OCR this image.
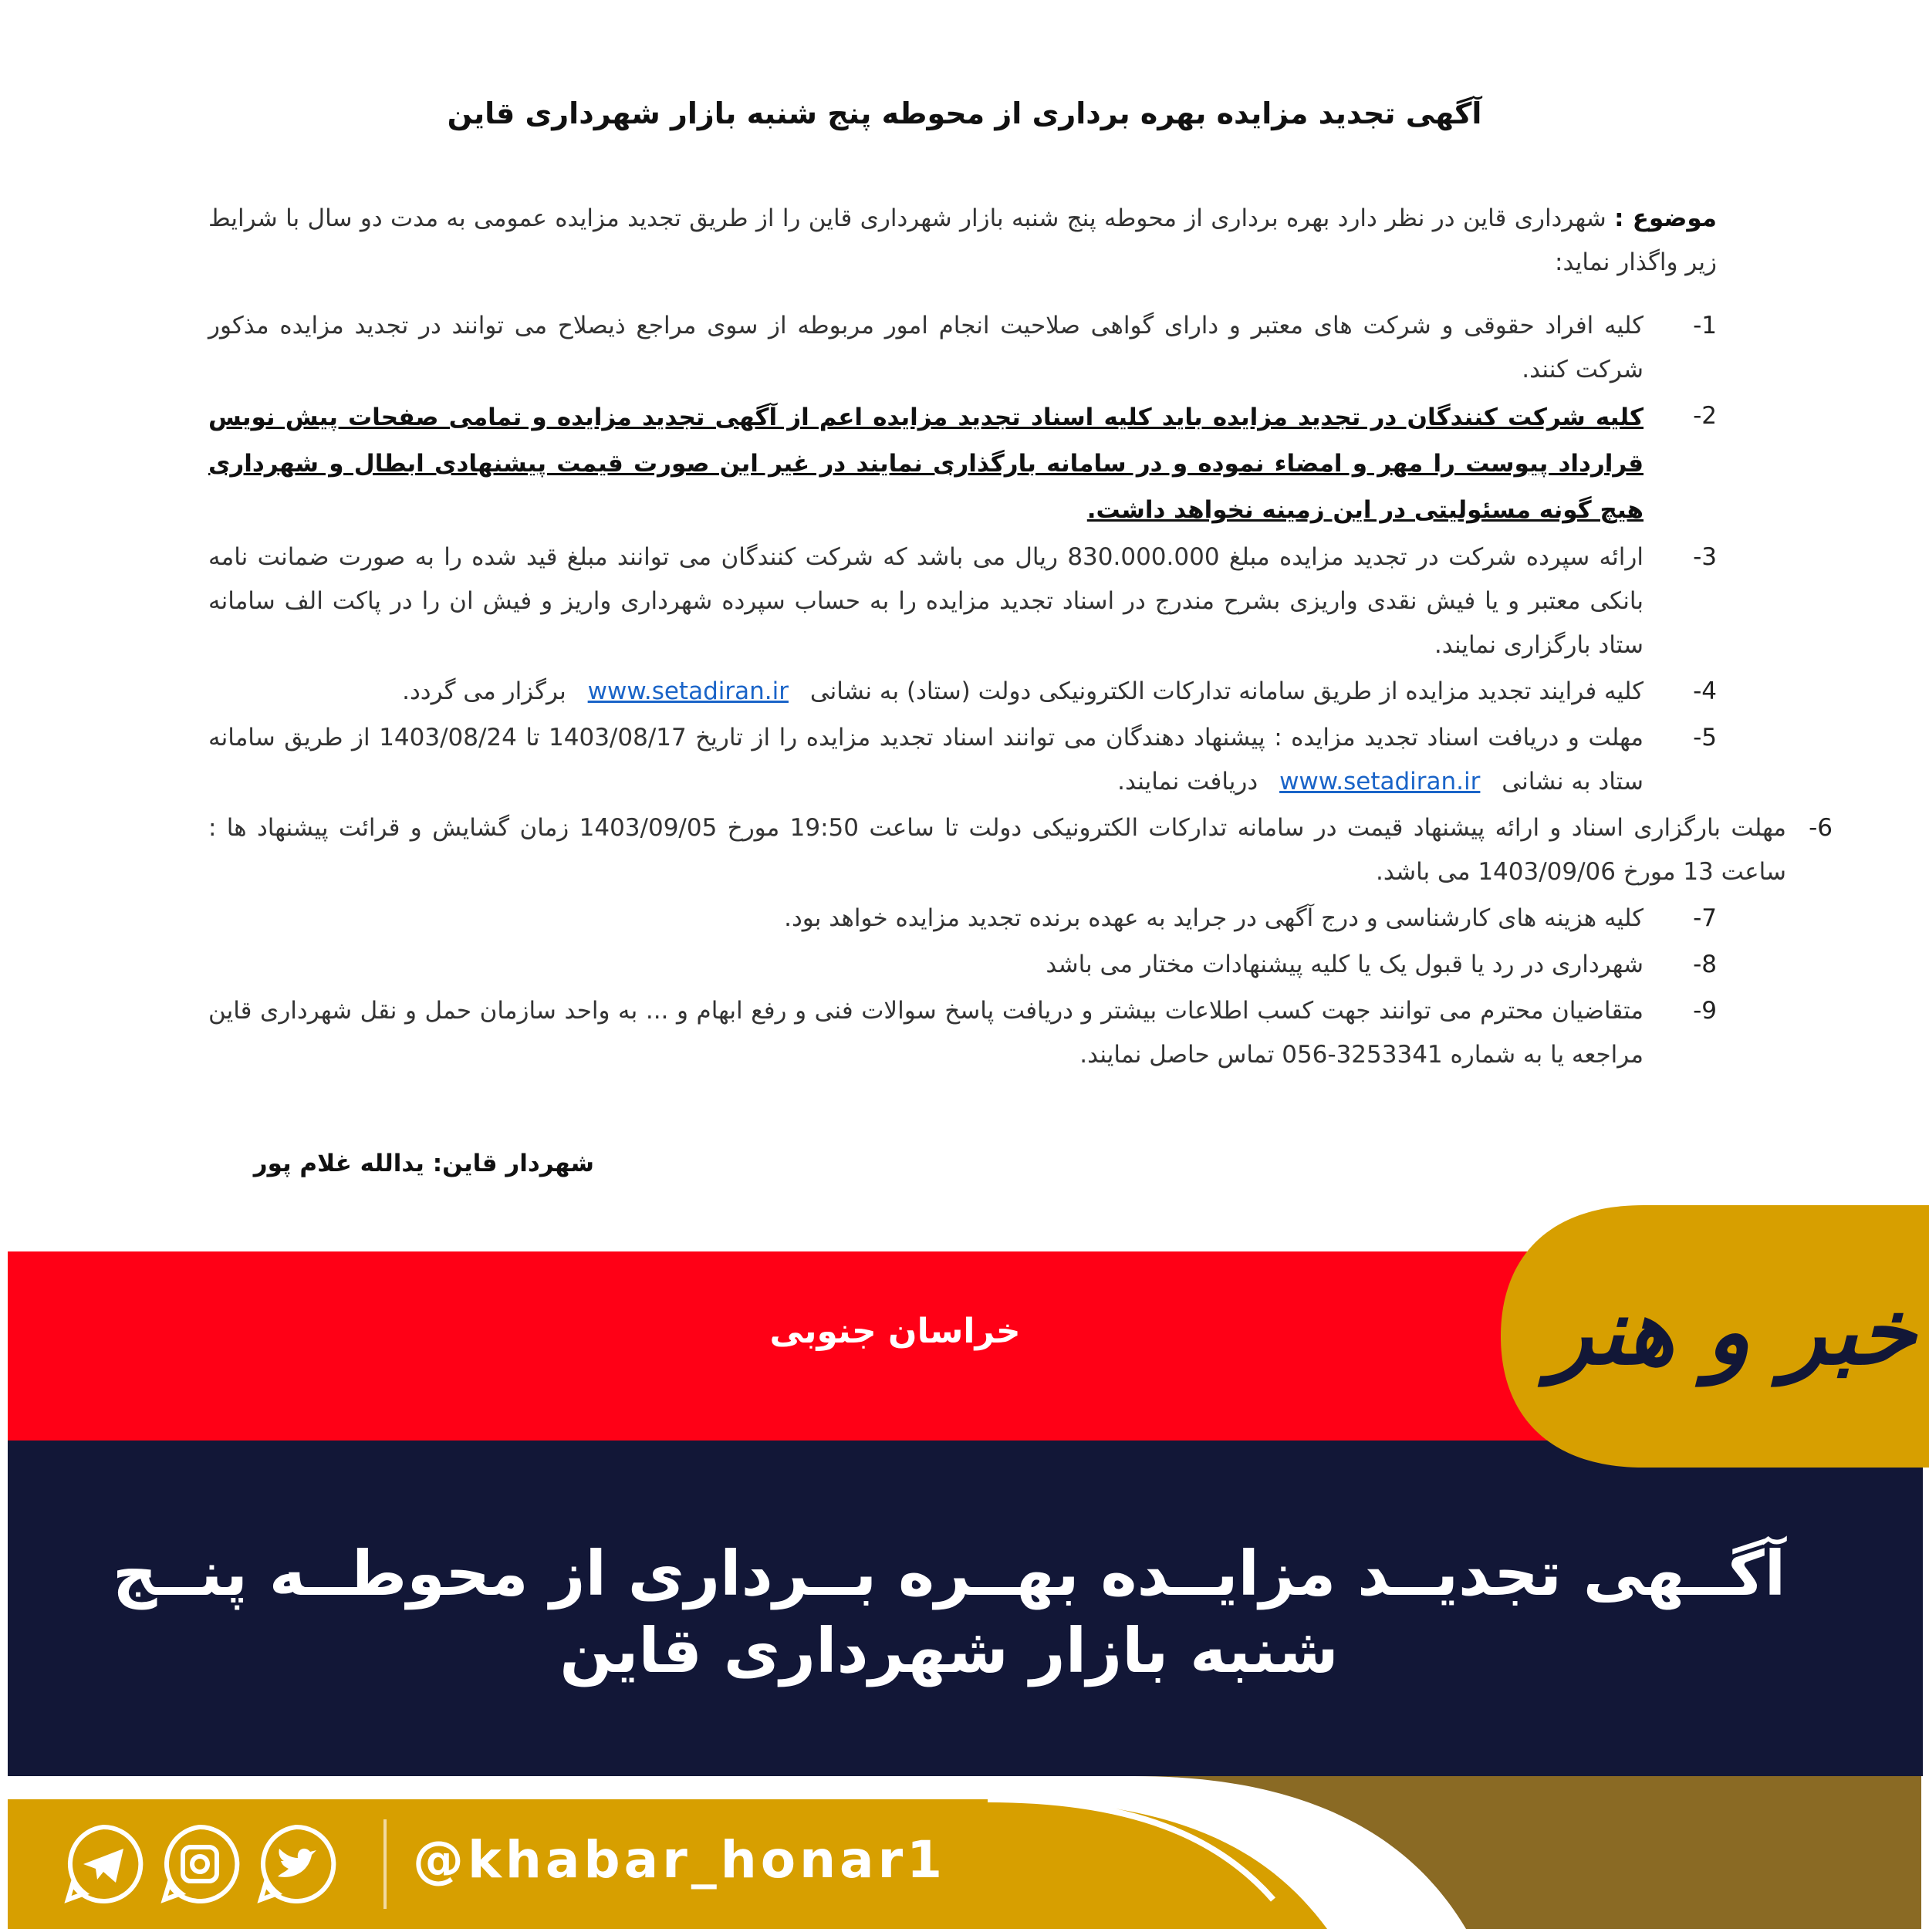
آگهی تجدید مزایده بهره برداری از محوطه پنج شنبه بازار شهرداری قاین
موضوع : شهرداری قاین در نظر دارد بهره برداری از محوطه پنج شنبه بازار شهرداری قاین را از طریق تجدید مزایده عمومی به مدت دو سال با شرایط زیر واگذار نماید:
1-
کلیه افراد حقوقی و شرکت های معتبر و دارای گواهی صلاحیت انجام امور مربوطه از سوی مراجع ذیصلاح می توانند در تجدید مزایده مذکور شرکت کنند.
2-
کلیه شرکت کنندگان در تجدید مزایده باید کلیه اسناد تجدید مزایده اعم از آگهی تجدید مزایده و تمامی صفحات پیش نویس قرارداد پیوست را مهر و امضاء نموده و در سامانه بارگذاری نمایند در غیر این صورت قیمت پیشنهادی ابطال و شهرداری هیچ گونه مسئولیتی در این زمینه نخواهد داشت.
3-
ارائه سپرده شرکت در تجدید مزایده مبلغ 830.000.000 ریال می باشد که شرکت کنندگان می توانند مبلغ قید شده را به صورت ضمانت نامه بانکی معتبر و یا فیش نقدی واریزی بشرح مندرج در اسناد تجدید مزایده را به حساب سپرده شهرداری واریز و فیش ان را در پاکت الف سامانه ستاد بارگزاری نمایند.
4-
کلیه فرایند تجدید مزایده از طریق سامانه تدارکات الکترونیکی دولت (ستاد) به نشانی www.setadiran.ir برگزار می گردد.
5-
مهلت و دریافت اسناد تجدید مزایده : پیشنهاد دهندگان می توانند اسناد تجدید مزایده را از تاریخ 1403/08/17 تا 1403/08/24 از طریق سامانه ستاد به نشانی www.setadiran.ir دریافت نمایند.
6-
مهلت بارگزاری اسناد و ارائه پیشنهاد قیمت در سامانه تدارکات الکترونیکی دولت تا ساعت 19:50 مورخ 1403/09/05 زمان گشایش و قرائت پیشنهاد ها : ساعت 13 مورخ 1403/09/06 می باشد.
7-
کلیه هزینه های کارشناسی و درج آگهی در جراید به عهده برنده تجدید مزایده خواهد بود.
8-
شهرداری در رد یا قبول یک یا کلیه پیشنهادات مختار می باشد
9-
متقاضیان محترم می توانند جهت کسب اطلاعات بیشتر و دریافت پاسخ سوالات فنی و رفع ابهام و ... به واحد سازمان حمل و نقل شهرداری قاین مراجعه یا به شماره 3253341-056 تماس حاصل نمایند.
شهردار قاین: یدالله غلام پور
خراسان جنوبی
آگــهی تجدیــد مزایــده بهــره بــرداری از محوطــه پنــج شنبه بازار شهرداری قاین
خبر و هنر
@khabar_honar1
